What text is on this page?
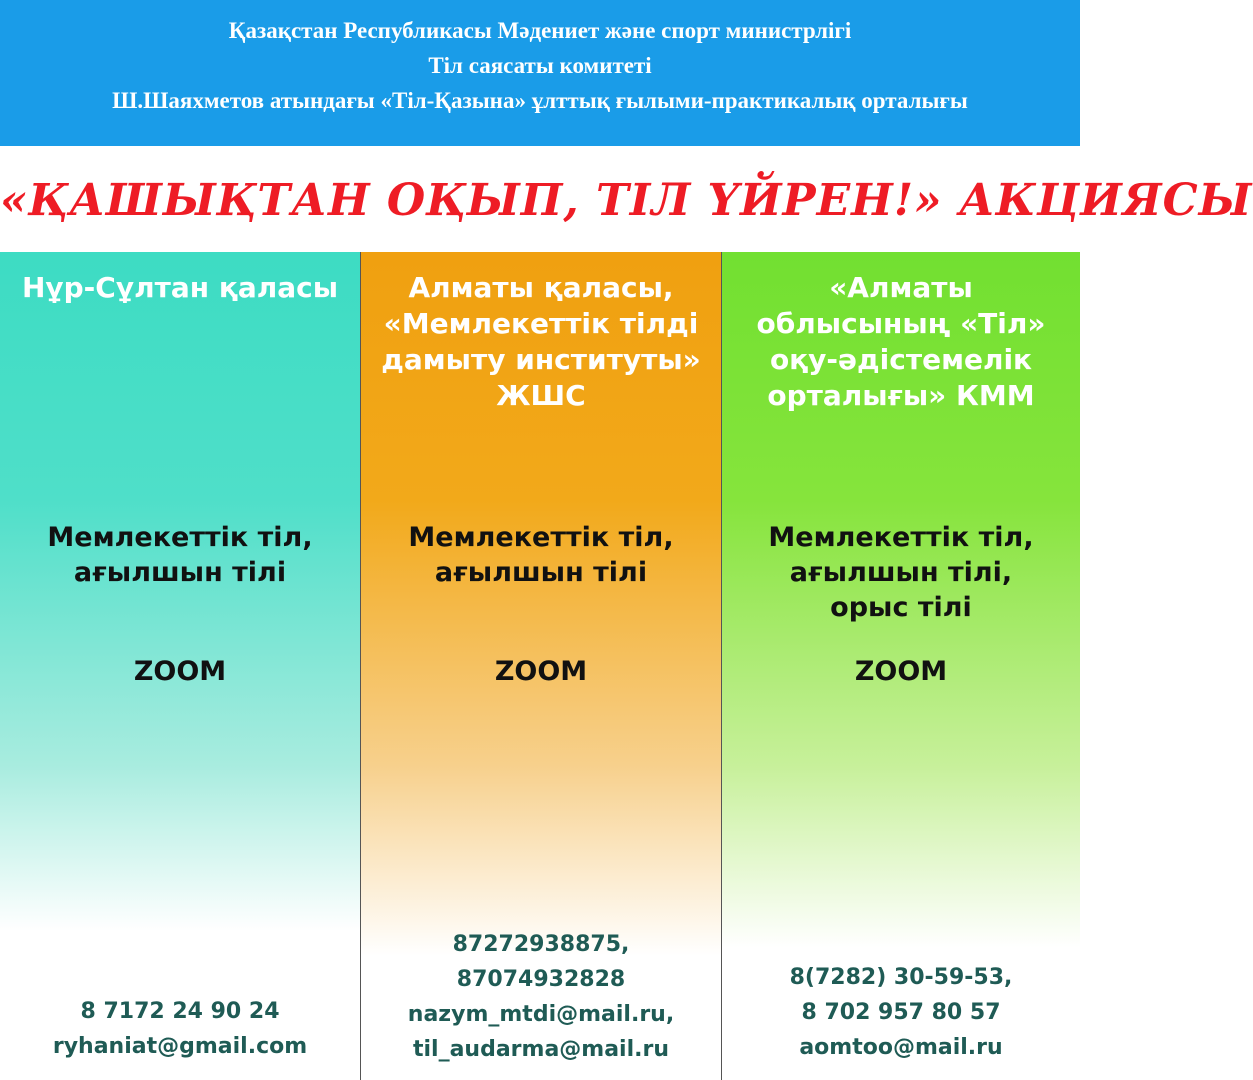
Қазақстан Республикасы Мәдениет және спорт министрлігі
Тіл саясаты комитеті
Ш.Шаяхметов атындағы «Тіл-Қазына» ұлттық ғылыми-практикалық орталығы
«ҚАШЫҚТАН ОҚЫП, ТІЛ ҮЙРЕН!» АКЦИЯСЫ
Нұр-Сұлтан қаласы
Мемлекеттік тіл,
ағылшын тілі
ZOOM
8 7172 24 90 24
ryhaniat@gmail.com
Алматы қаласы,
«Мемлекеттік тілді
дамыту институты»
ЖШС
Мемлекеттік тіл,
ағылшын тілі
ZOOM
87272938875,
87074932828
nazym_mtdi@mail.ru,
til_audarma@mail.ru
«Алматы
облысының «Тіл»
оқу-әдістемелік
орталығы» КММ
Мемлекеттік тіл,
ағылшын тілі,
орыс тілі
ZOOM
8(7282) 30-59-53,
8 702 957 80 57
aomtoo@mail.ru
